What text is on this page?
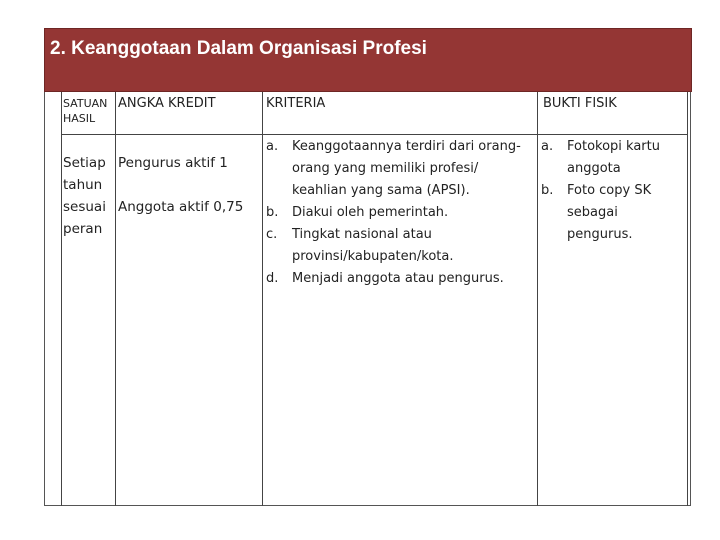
2. Keanggotaan Dalam Organisasi Profesi
SATUAN HASIL
ANGKA KREDIT	KRITERIA	BUKTI FISIK
Setiap
tahun
sesuai
peran
Pengurus aktif 1
Anggota aktif 0,75
a. Keanggotaannya terdiri dari orang-orang yang memiliki profesi/ keahlian yang sama (APSI).
b. Diakui oleh pemerintah.
c. Tingkat nasional atau provinsi/kabupaten/kota.
d. Menjadi anggota atau pengurus.
a. Fotokopi kartu anggota
b. Foto copy SK sebagai pengurus.
